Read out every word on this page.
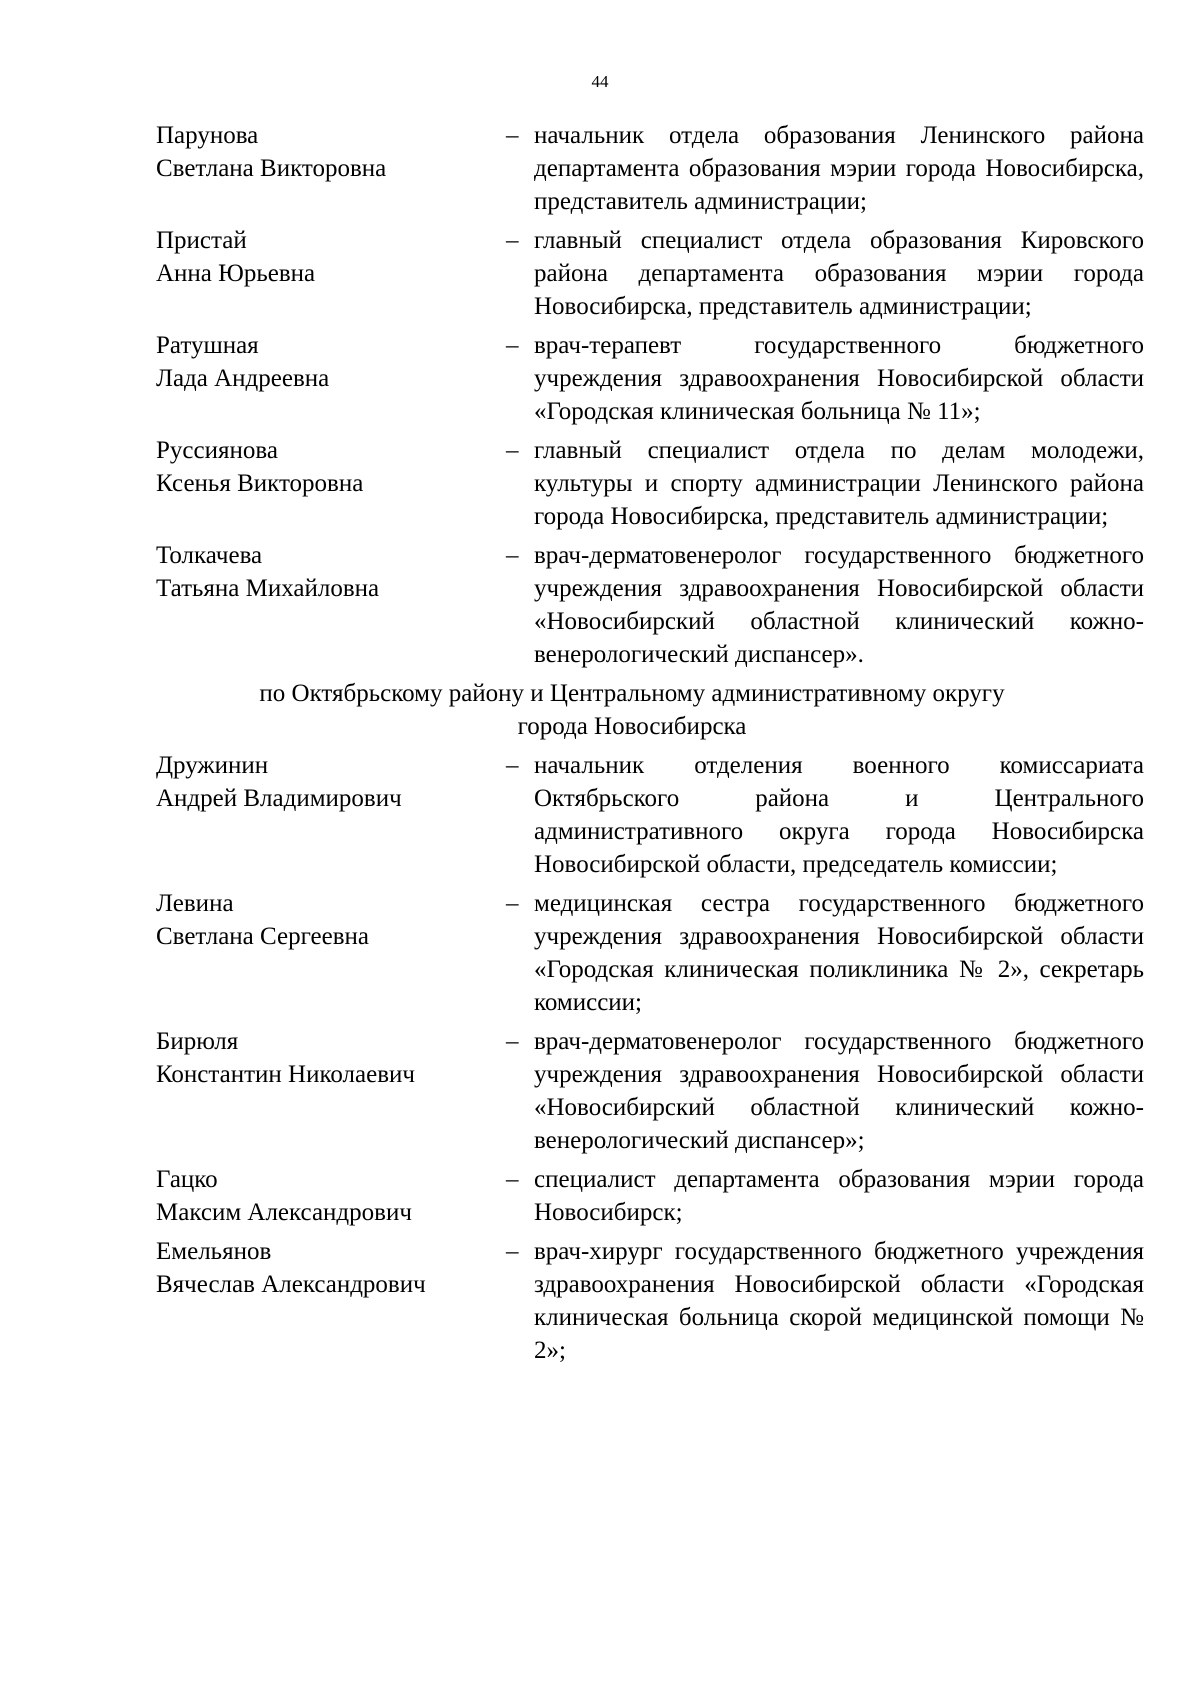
44
Парунова
Светлана Викторовна
– начальник отдела образования Ленинского района департамента образования мэрии города Новосибирска, представитель администрации;
Пристай
Анна Юрьевна
– главный специалист отдела образования Кировского района департамента образования мэрии города Новосибирска, представитель администрации;
Ратушная
Лада Андреевна
– врач-терапевт государственного бюджетного учреждения здравоохранения Новосибирской области «Городская клиническая больница № 11»;
Руссиянова
Ксенья Викторовна
– главный специалист отдела по делам молодежи, культуры и спорту администрации Ленинского района города Новосибирска, представитель администрации;
Толкачева
Татьяна Михайловна
– врач-дерматовенеролог государственного бюджетного учреждения здравоохранения Новосибирской области «Новосибирский областной клинический кожно-венерологический диспансер».
по Октябрьскому району и Центральному административному округу
города Новосибирска
Дружинин
Андрей Владимирович
– начальник отделения военного комиссариата Октябрьского района и Центрального административного округа города Новосибирска Новосибирской области, председатель комиссии;
Левина
Светлана Сергеевна
– медицинская сестра государственного бюджетного учреждения здравоохранения Новосибирской области «Городская клиническая поликлиника № 2», секретарь комиссии;
Бирюля
Константин Николаевич
– врач-дерматовенеролог государственного бюджетного учреждения здравоохранения Новосибирской области «Новосибирский областной клинический кожно-венерологический диспансер»;
Гацко
Максим Александрович
– специалист департамента образования мэрии города Новосибирск;
Емельянов
Вячеслав Александрович
– врач-хирург государственного бюджетного учреждения здравоохранения Новосибирской области «Городская клиническая больница скорой медицинской помощи № 2»;
